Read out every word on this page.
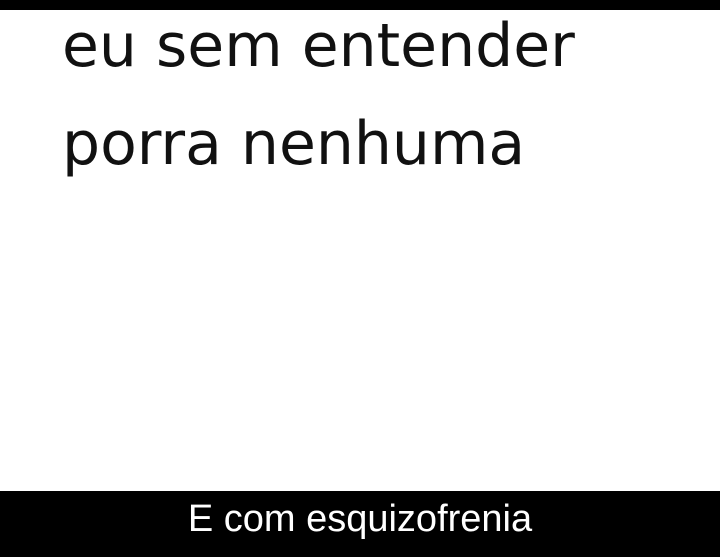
eu sem entender

porra nenhuma

E com esquizofrenia
